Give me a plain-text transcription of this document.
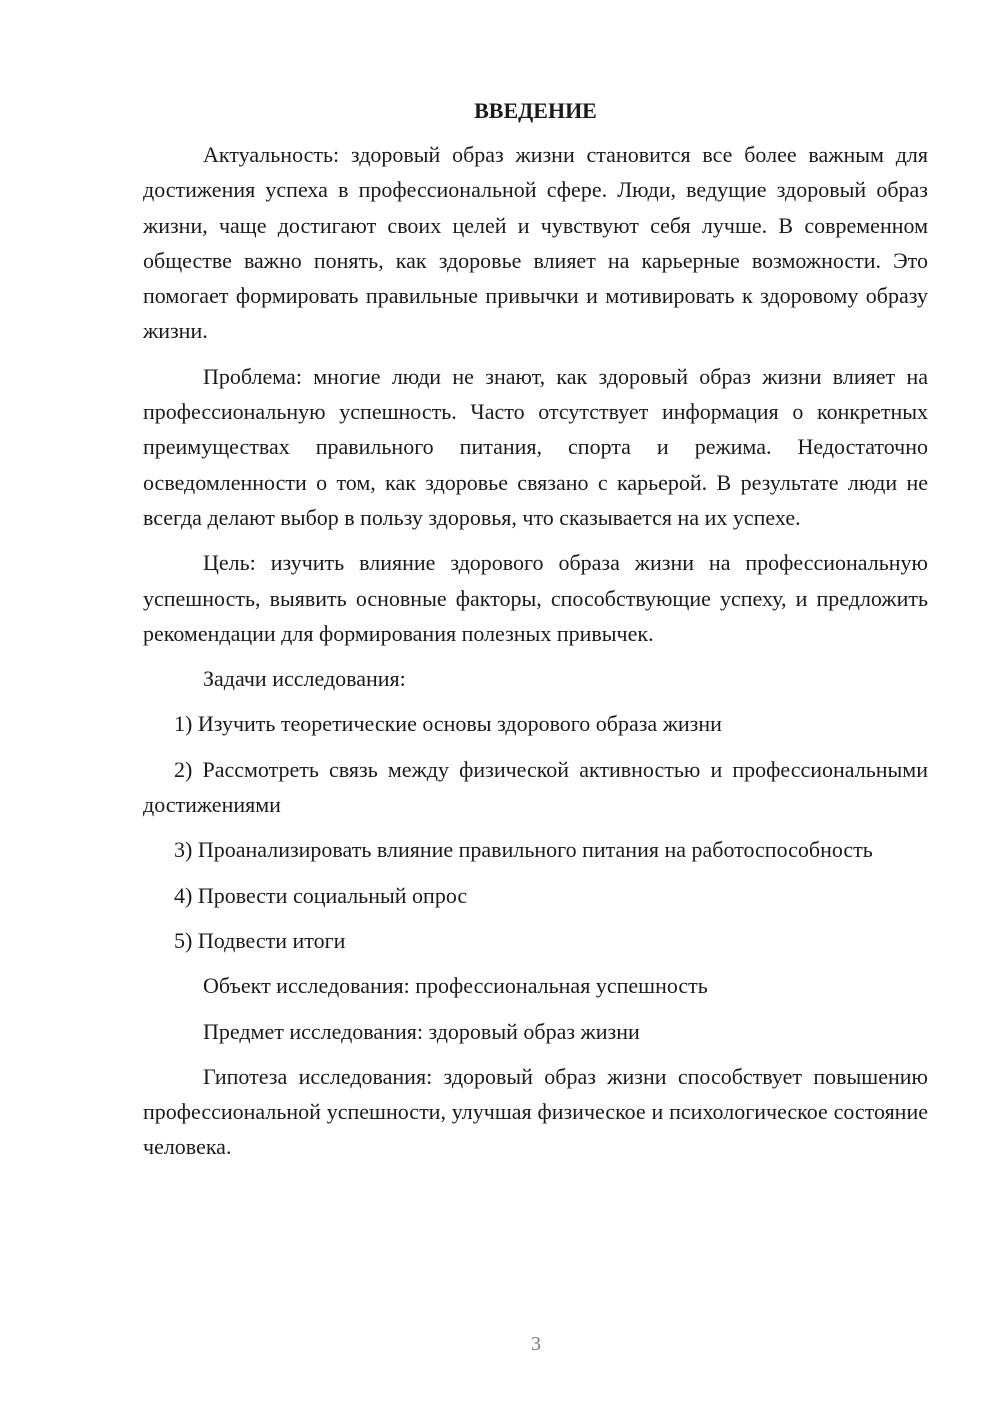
ВВЕДЕНИЕ

Актуальность: здоровый образ жизни становится все более важным для достижения успеха в профессиональной сфере. Люди, ведущие здоровый образ жизни, чаще достигают своих целей и чувствуют себя лучше. В современном обществе важно понять, как здоровье влияет на карьерные возможности. Это помогает формировать правильные привычки и мотивировать к здоровому образу жизни.

Проблема: многие люди не знают, как здоровый образ жизни влияет на профессиональную успешность. Часто отсутствует информация о конкретных преимуществах правильного питания, спорта и режима. Недостаточно осведомленности о том, как здоровье связано с карьерой. В результате люди не всегда делают выбор в пользу здоровья, что сказывается на их успехе.

Цель: изучить влияние здорового образа жизни на профессиональную успешность, выявить основные факторы, способствующие успеху, и предложить рекомендации для формирования полезных привычек.

Задачи исследования:

1) Изучить теоретические основы здорового образа жизни

2) Рассмотреть связь между физической активностью и профессиональными достижениями

3) Проанализировать влияние правильного питания на работоспособность

4) Провести социальный опрос

5) Подвести итоги

Объект исследования: профессиональная успешность

Предмет исследования: здоровый образ жизни

Гипотеза исследования: здоровый образ жизни способствует повышению профессиональной успешности, улучшая физическое и психологическое состояние человека.

3
